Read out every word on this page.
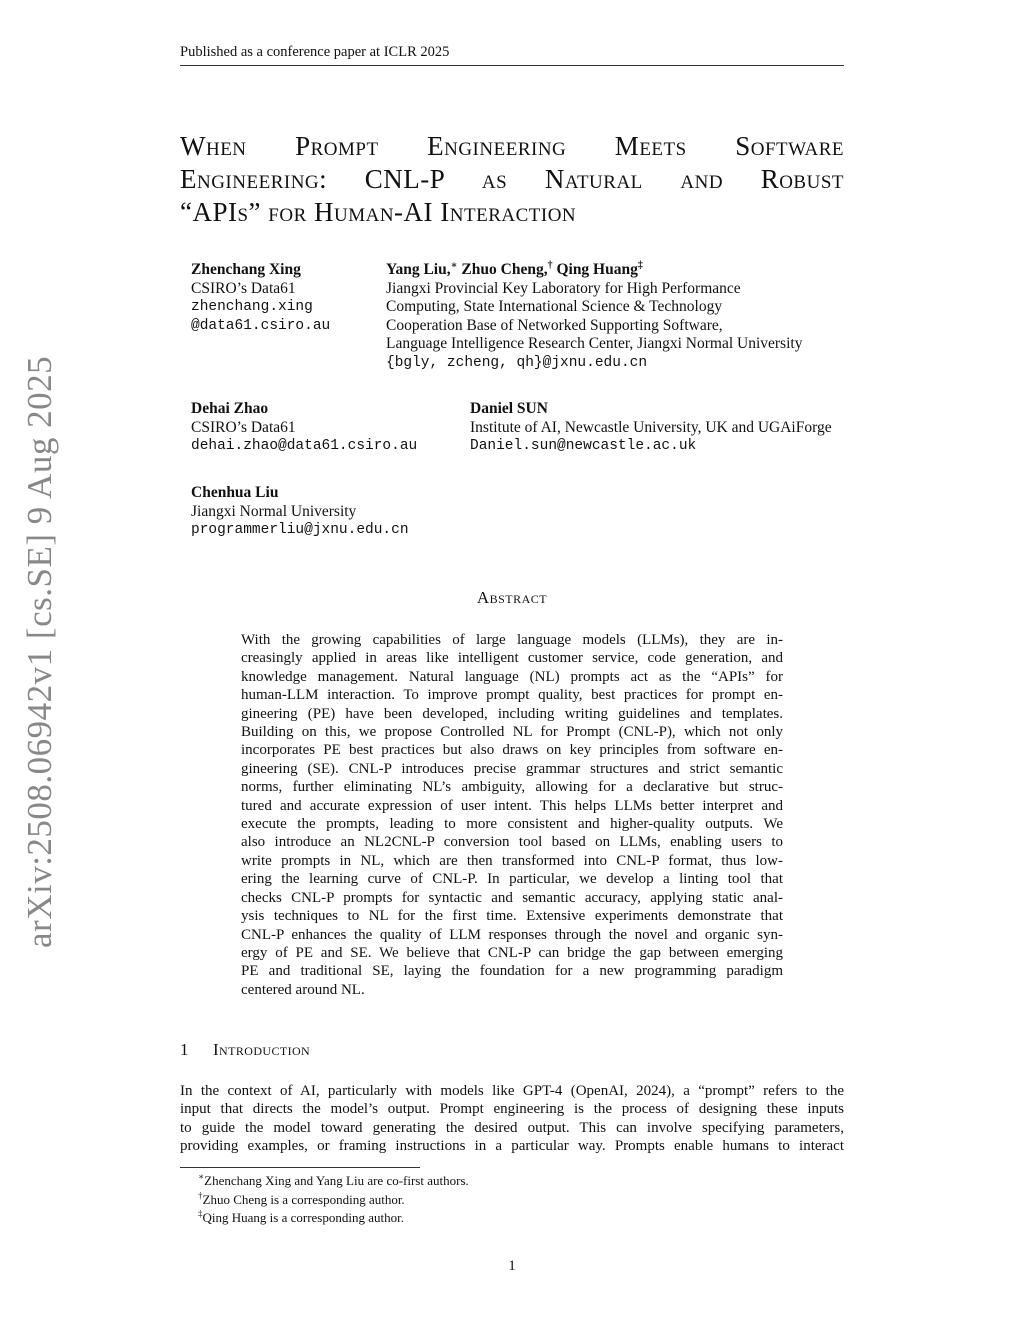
Published as a conference paper at ICLR 2025
arXiv:2508.06942v1 [cs.SE] 9 Aug 2025
When Prompt Engineering Meets Software
Engineering: CNL-P as Natural and Robust
“APIs” for Human-AI Interaction
Zhenchang Xing
CSIRO’s Data61
zhenchang.xing
@data61.csiro.au
Yang Liu,∗ Zhuo Cheng,† Qing Huang‡
Jiangxi Provincial Key Laboratory for High Performance
Computing, State International Science & Technology
Cooperation Base of Networked Supporting Software,
Language Intelligence Research Center, Jiangxi Normal University
{bgly, zcheng, qh}@jxnu.edu.cn
Dehai Zhao
CSIRO’s Data61
dehai.zhao@data61.csiro.au
Daniel SUN
Institute of AI, Newcastle University, UK and UGAiForge
Daniel.sun@newcastle.ac.uk
Chenhua Liu
Jiangxi Normal University
programmerliu@jxnu.edu.cn
Abstract
With the growing capabilities of large language models (LLMs), they are in-
creasingly applied in areas like intelligent customer service, code generation, and
knowledge management. Natural language (NL) prompts act as the “APIs” for
human-LLM interaction. To improve prompt quality, best practices for prompt en-
gineering (PE) have been developed, including writing guidelines and templates.
Building on this, we propose Controlled NL for Prompt (CNL-P), which not only
incorporates PE best practices but also draws on key principles from software en-
gineering (SE). CNL-P introduces precise grammar structures and strict semantic
norms, further eliminating NL’s ambiguity, allowing for a declarative but struc-
tured and accurate expression of user intent. This helps LLMs better interpret and
execute the prompts, leading to more consistent and higher-quality outputs. We
also introduce an NL2CNL-P conversion tool based on LLMs, enabling users to
write prompts in NL, which are then transformed into CNL-P format, thus low-
ering the learning curve of CNL-P. In particular, we develop a linting tool that
checks CNL-P prompts for syntactic and semantic accuracy, applying static anal-
ysis techniques to NL for the first time. Extensive experiments demonstrate that
CNL-P enhances the quality of LLM responses through the novel and organic syn-
ergy of PE and SE. We believe that CNL-P can bridge the gap between emerging
PE and traditional SE, laying the foundation for a new programming paradigm
centered around NL.
1 Introduction
In the context of AI, particularly with models like GPT-4 (OpenAI, 2024), a “prompt” refers to the
input that directs the model’s output. Prompt engineering is the process of designing these inputs
to guide the model toward generating the desired output. This can involve specifying parameters,
providing examples, or framing instructions in a particular way. Prompts enable humans to interact
∗Zhenchang Xing and Yang Liu are co-first authors.
†Zhuo Cheng is a corresponding author.
‡Qing Huang is a corresponding author.
1
